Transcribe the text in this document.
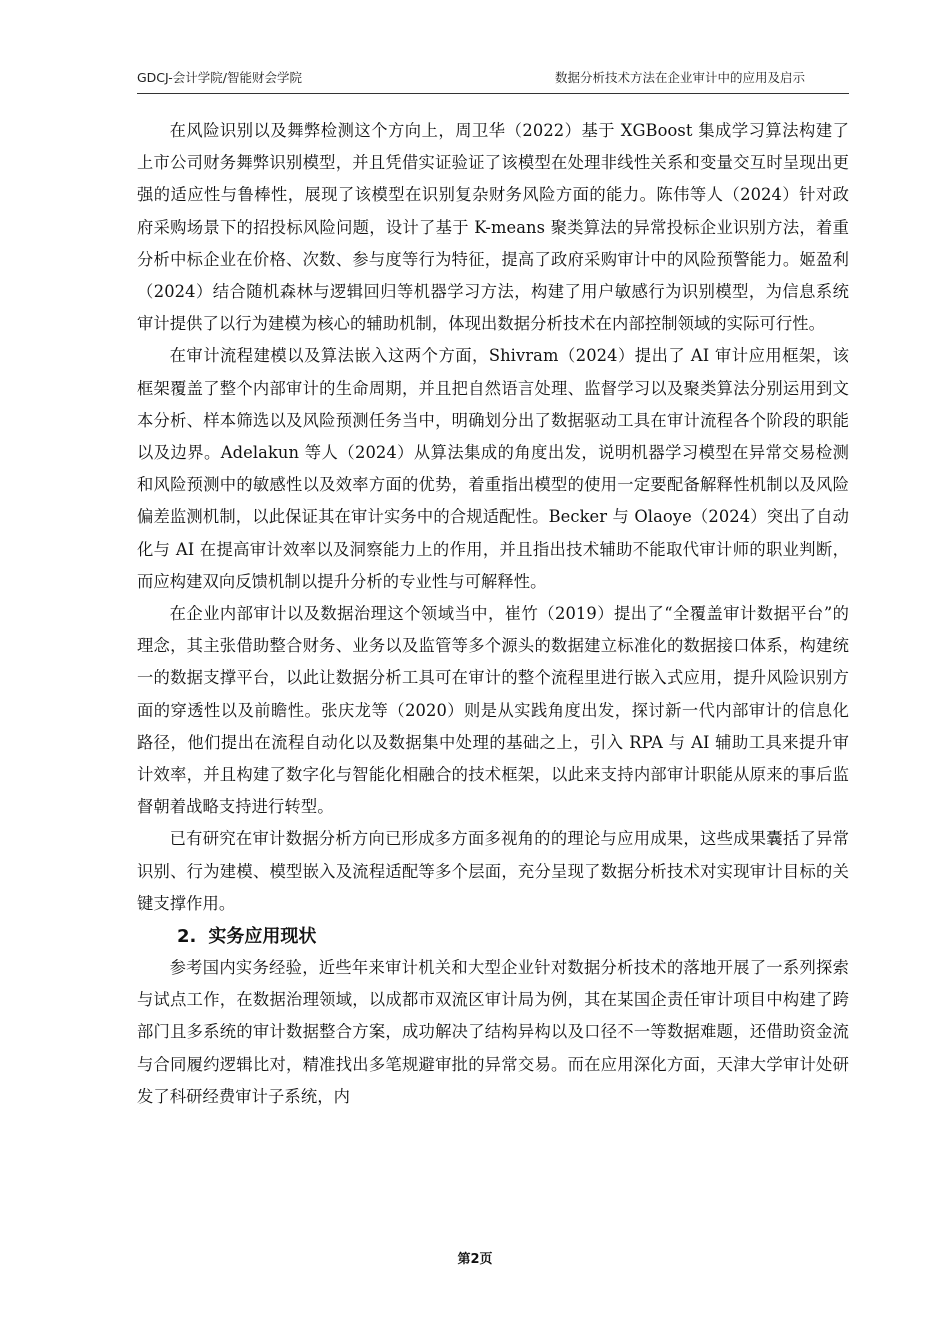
GDCJ-会计学院/智能财会学院	数据分析技术方法在企业审计中的应用及启示

在风险识别以及舞弊检测这个方向上，周卫华（2022）基于 XGBoost 集成学习算法构建了上市公司财务舞弊识别模型，并且凭借实证验证了该模型在处理非线性关系和变量交互时呈现出更强的适应性与鲁棒性，展现了该模型在识别复杂财务风险方面的能力。陈伟等人（2024）针对政府采购场景下的招投标风险问题，设计了基于 K-means 聚类算法的异常投标企业识别方法，着重分析中标企业在价格、次数、参与度等行为特征，提高了政府采购审计中的风险预警能力。姬盈利（2024）结合随机森林与逻辑回归等机器学习方法，构建了用户敏感行为识别模型，为信息系统审计提供了以行为建模为核心的辅助机制，体现出数据分析技术在内部控制领域的实际可行性。

在审计流程建模以及算法嵌入这两个方面，Shivram（2024）提出了 AI 审计应用框架，该框架覆盖了整个内部审计的生命周期，并且把自然语言处理、监督学习以及聚类算法分别运用到文本分析、样本筛选以及风险预测任务当中，明确划分出了数据驱动工具在审计流程各个阶段的职能以及边界。Adelakun 等人（2024）从算法集成的角度出发，说明机器学习模型在异常交易检测和风险预测中的敏感性以及效率方面的优势，着重指出模型的使用一定要配备解释性机制以及风险偏差监测机制，以此保证其在审计实务中的合规适配性。Becker 与 Olaoye（2024）突出了自动化与 AI 在提高审计效率以及洞察能力上的作用，并且指出技术辅助不能取代审计师的职业判断，而应构建双向反馈机制以提升分析的专业性与可解释性。

在企业内部审计以及数据治理这个领域当中，崔竹（2019）提出了“全覆盖审计数据平台”的理念，其主张借助整合财务、业务以及监管等多个源头的数据建立标准化的数据接口体系，构建统一的数据支撑平台，以此让数据分析工具可在审计的整个流程里进行嵌入式应用，提升风险识别方面的穿透性以及前瞻性。张庆龙等（2020）则是从实践角度出发，探讨新一代内部审计的信息化路径，他们提出在流程自动化以及数据集中处理的基础之上，引入 RPA 与 AI 辅助工具来提升审计效率，并且构建了数字化与智能化相融合的技术框架，以此来支持内部审计职能从原来的事后监督朝着战略支持进行转型。

已有研究在审计数据分析方向已形成多方面多视角的的理论与应用成果，这些成果囊括了异常识别、行为建模、模型嵌入及流程适配等多个层面，充分呈现了数据分析技术对实现审计目标的关键支撑作用。

2. 实务应用现状

参考国内实务经验，近些年来审计机关和大型企业针对数据分析技术的落地开展了一系列探索与试点工作，在数据治理领域，以成都市双流区审计局为例，其在某国企责任审计项目中构建了跨部门且多系统的审计数据整合方案，成功解决了结构异构以及口径不一等数据难题，还借助资金流与合同履约逻辑比对，精准找出多笔规避审批的异常交易。而在应用深化方面，天津大学审计处研发了科研经费审计子系统，内

第2页
